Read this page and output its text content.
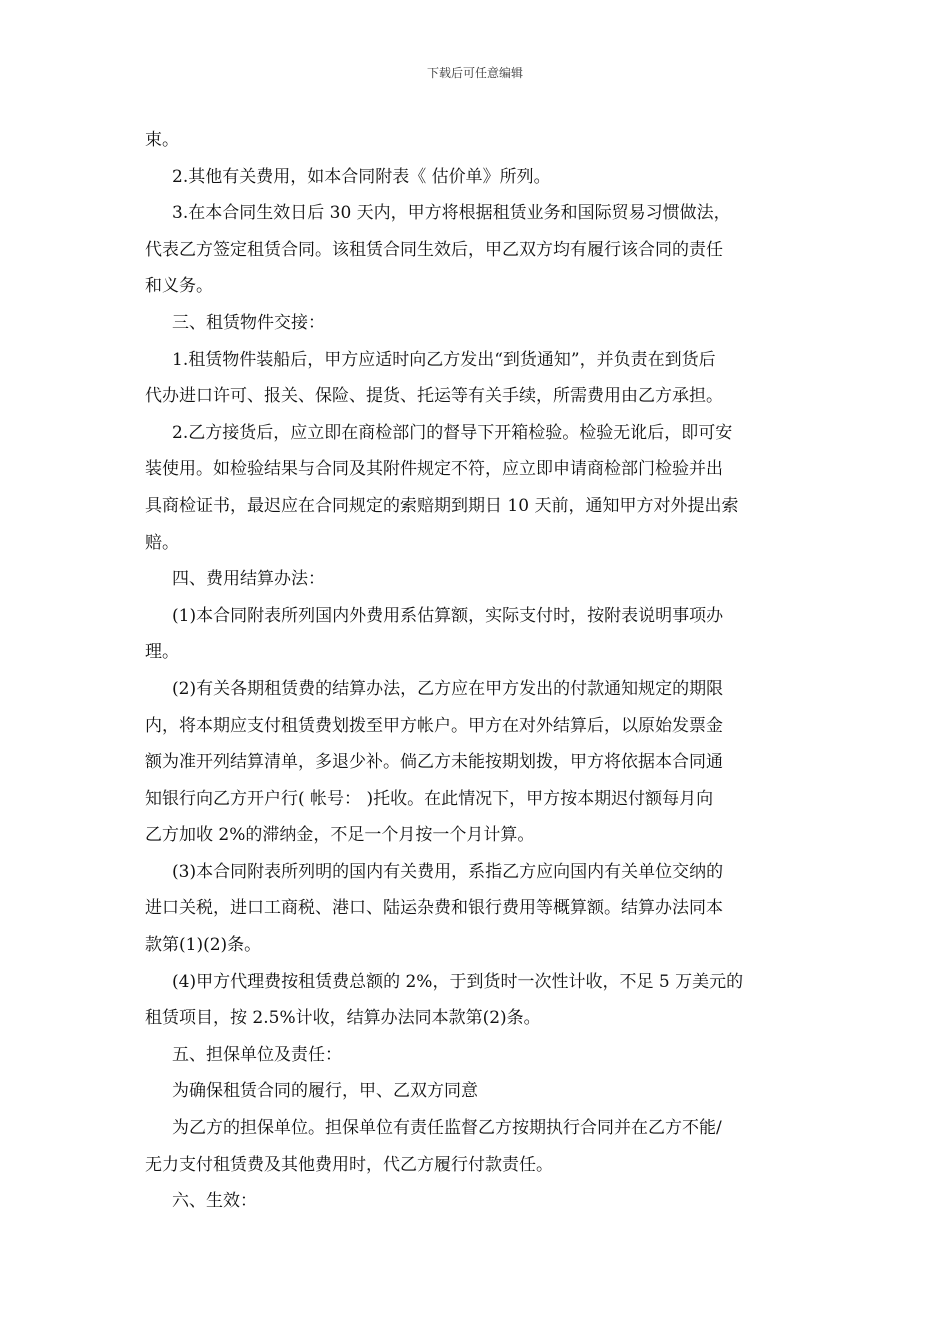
下载后可任意编辑
束。
2.其他有关费用，如本合同附表《 估价单》所列。
3.在本合同生效日后 30 天内，甲方将根据租赁业务和国际贸易习惯做法，
代表乙方签定租赁合同。该租赁合同生效后，甲乙双方均有履行该合同的责任
和义务。
三、租赁物件交接：
1.租赁物件装船后，甲方应适时向乙方发出“到货通知”，并负责在到货后
代办进口许可、报关、保险、提货、托运等有关手续，所需费用由乙方承担。
2.乙方接货后，应立即在商检部门的督导下开箱检验。检验无讹后，即可安
装使用。如检验结果与合同及其附件规定不符，应立即申请商检部门检验并出
具商检证书，最迟应在合同规定的索赔期到期日 10 天前，通知甲方对外提出索
赔。
四、费用结算办法：
(1)本合同附表所列国内外费用系估算额，实际支付时，按附表说明事项办
理。
(2)有关各期租赁费的结算办法，乙方应在甲方发出的付款通知规定的期限
内，将本期应支付租赁费划拨至甲方帐户。甲方在对外结算后，以原始发票金
额为准开列结算清单，多退少补。倘乙方未能按期划拨，甲方将依据本合同通
知银行向乙方开户行( 帐号： )托收。在此情况下，甲方按本期迟付额每月向
乙方加收 2%的滞纳金，不足一个月按一个月计算。
(3)本合同附表所列明的国内有关费用，系指乙方应向国内有关单位交纳的
进口关税，进口工商税、港口、陆运杂费和银行费用等概算额。结算办法同本
款第(1)(2)条。
(4)甲方代理费按租赁费总额的 2%，于到货时一次性计收，不足 5 万美元的
租赁项目，按 2.5%计收，结算办法同本款第(2)条。
五、担保单位及责任：
为确保租赁合同的履行，甲、乙双方同意
为乙方的担保单位。担保单位有责任监督乙方按期执行合同并在乙方不能/
无力支付租赁费及其他费用时，代乙方履行付款责任。
六、生效：
